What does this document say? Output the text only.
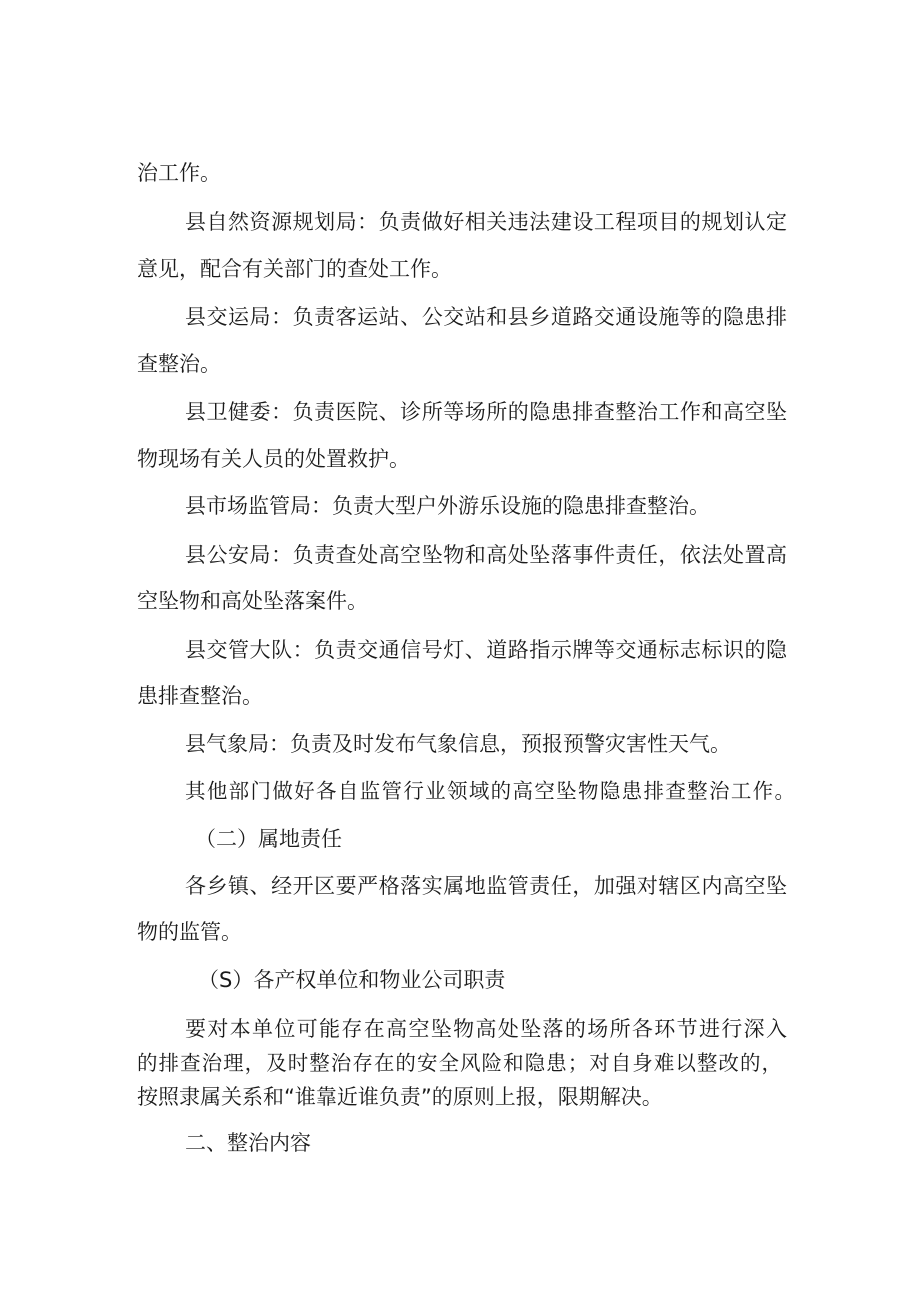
治工作。

县自然资源规划局：负责做好相关违法建设工程项目的规划认定

意见，配合有关部门的查处工作。

县交运局：负责客运站、公交站和县乡道路交通设施等的隐患排

查整治。

县卫健委：负责医院、诊所等场所的隐患排查整治工作和高空坠

物现场有关人员的处置救护。

县市场监管局：负责大型户外游乐设施的隐患排查整治。

县公安局：负责查处高空坠物和高处坠落事件责任，依法处置高

空坠物和高处坠落案件。

县交管大队：负责交通信号灯、道路指示牌等交通标志标识的隐

患排查整治。

县气象局：负责及时发布气象信息，预报预警灾害性天气。

其他部门做好各自监管行业领域的高空坠物隐患排查整治工作。

（二）属地责任

各乡镇、经开区要严格落实属地监管责任，加强对辖区内高空坠

物的监管。

（S）各产权单位和物业公司职责

要对本单位可能存在高空坠物高处坠落的场所各环节进行深入

的排查治理，及时整治存在的安全风险和隐患；对自身难以整改的，

按照隶属关系和“谁靠近谁负责”的原则上报，限期解决。

二、整治内容
